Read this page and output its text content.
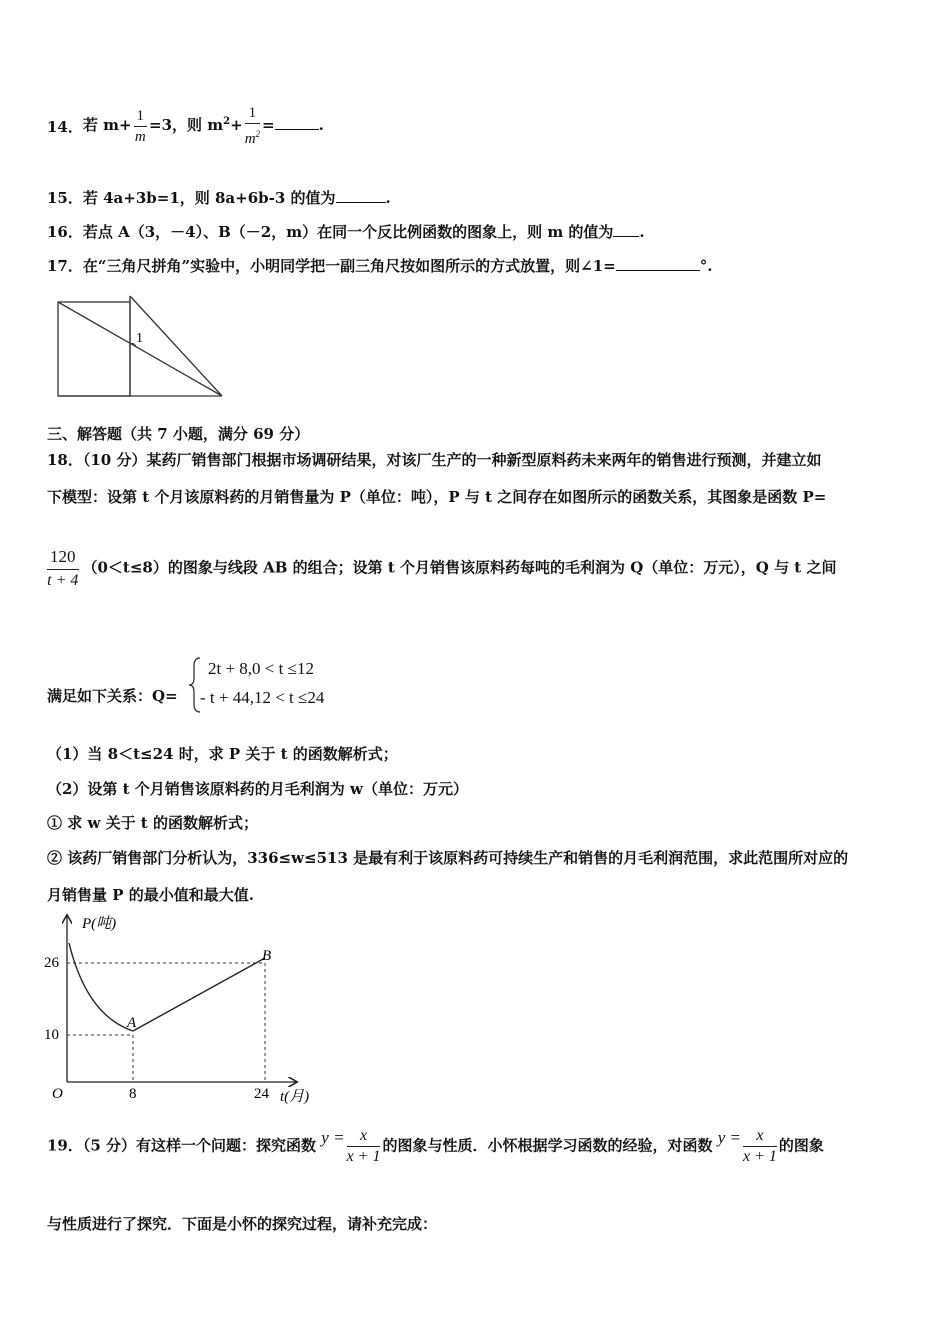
14．若 $m+ \frac{1}{m} =3$，则 $m^2+ \frac{1}{m^2}$ =	.
15．若 4a+3b=1，则 8a+6b-3 的值为	.
16．若点 A（3，－4）、B（－2，m）在同一个反比例函数的图象上，则 m 的值为 .
17．在“三角尺拼角”实验中，小明同学把一副三角尺按如图所示的方式放置，则∠1=	°.
1
三、解答题（共 7 小题，满分 69 分）
18．（10 分）某药厂销售部门根据市场调研结果，对该厂生产的一种新型原料药未来两年的销售进行预测，并建立如
下模型：设第 t 个月该原料药的月销售量为 P（单位：吨），P 与 t 之间存在如图所示的函数关系，其图象是函数 P=
$\frac{120}{t + 4} (0<t\le 8)$的图象与线段 AB 的组合；设第 t 个月销售该原料药每吨的毛利润为 Q（单位：万元），Q 与 t 之间
满足如下关系：Q=
2t + 8,0 < t ≤12
- t + 44,12 < t ≤24
（1）当 8＜t≤24 时，求 P 关于 t 的函数解析式；
（2）设第 t 个月销售该原料药的月毛利润为 w（单位：万元）
① 求 w 关于 t 的函数解析式；
② 该药厂销售部门分析认为，336≤w≤513 是最有利于该原料药可持续生产和销售的月毛利润范围，求此范围所对应的
月销售量 P 的最小值和最大值.
P(吨)
t(月)
O
26
10
8	24
A
B
19．（5 分）有这样一个问题：探究函数 $y = \frac{x}{x + 1}$ 的图象与性质．小怀根据学习函数的经验，对函数 $y = \frac{x}{x + 1}$ 的图象
与性质进行了探究．下面是小怀的探究过程，请补充完成：
